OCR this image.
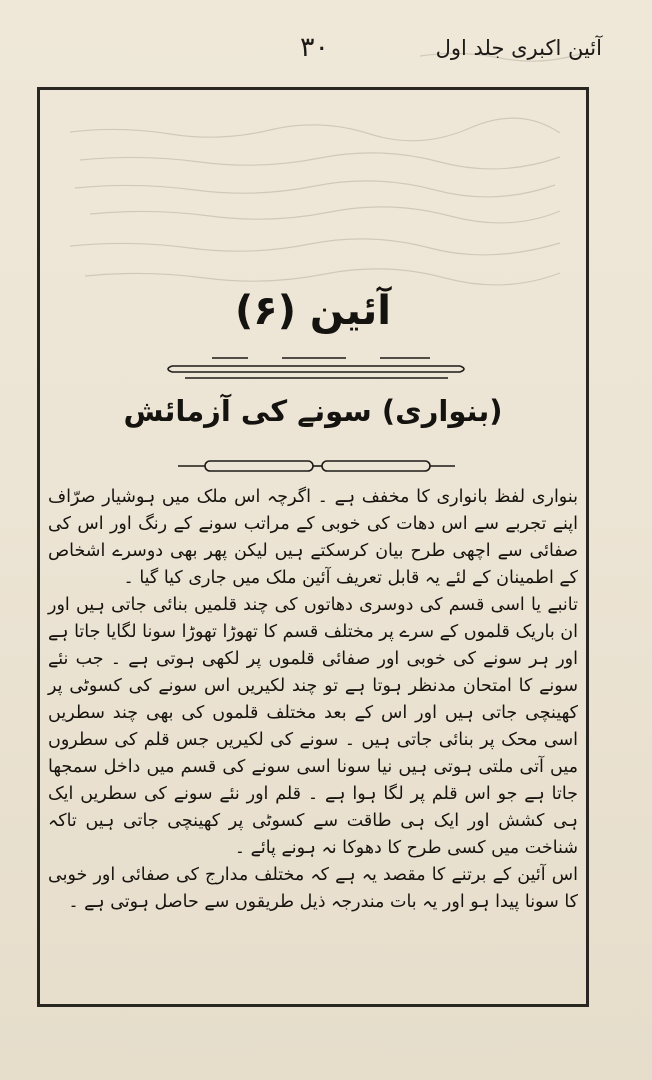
آئین اکبری جلد اول
۳۰
آئین (۶)
(بنواری) سونے کی آزمائش

بنواری لفظ بانواری کا مخفف ہے ۔ اگرچہ اس ملک میں ہوشیار صرّاف اپنے تجربے سے اس دھات کی خوبی کے مراتب سونے کے رنگ اور اس کی صفائی سے اچھی طرح بیان کرسکتے ہیں لیکن پھر بھی دوسرے اشخاص کے اطمینان کے لئے یہ قابل تعریف آئین ملک میں جاری کیا گیا ۔

تانبے یا اسی قسم کی دوسری دھاتوں کی چند قلمیں بنائی جاتی ہیں اور ان باریک قلموں کے سرے پر مختلف قسم کا تھوڑا تھوڑا سونا لگایا جاتا ہے اور ہر سونے کی خوبی اور صفائی قلموں پر لکھی ہوتی ہے ۔ جب نئے سونے کا امتحان مدنظر ہوتا ہے تو چند لکیریں اس سونے کی کسوٹی پر کھینچی جاتی ہیں اور اس کے بعد مختلف قلموں کی بھی چند سطریں اسی محک پر بنائی جاتی ہیں ۔ سونے کی لکیریں جس قلم کی سطروں میں آتی ملتی ہوتی ہیں نیا سونا اسی سونے کی قسم میں داخل سمجھا جاتا ہے جو اس قلم پر لگا ہوا ہے ۔ قلم اور نئے سونے کی سطریں ایک ہی کشش اور ایک ہی طاقت سے کسوٹی پر کھینچی جاتی ہیں تاکہ شناخت میں کسی طرح کا دھوکا نہ ہونے پائے ۔

اس آئین کے برتنے کا مقصد یہ ہے کہ مختلف مدارج کی صفائی اور خوبی کا سونا پیدا ہو اور یہ بات مندرجہ ذیل طریقوں سے حاصل ہوتی ہے ۔
